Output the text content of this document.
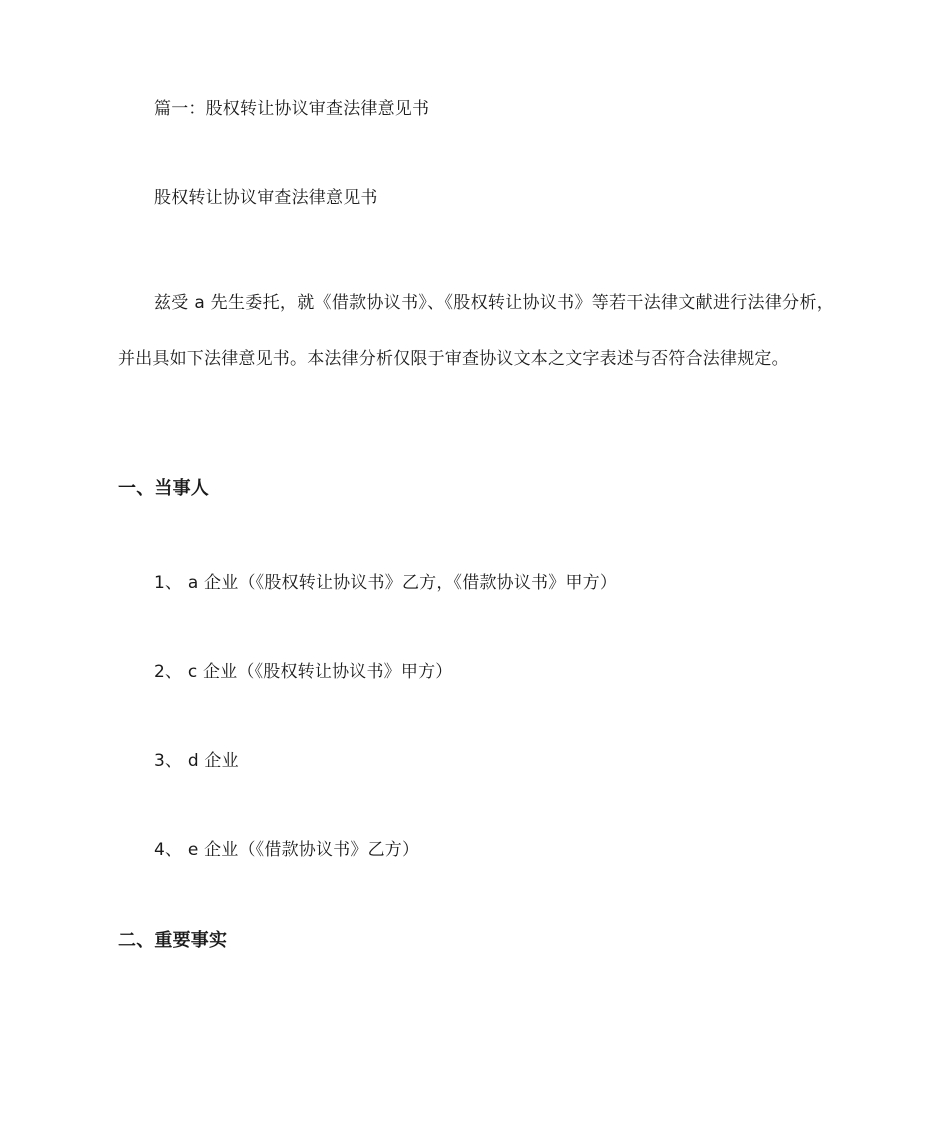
篇一：股权转让协议审查法律意见书
股权转让协议审查法律意见书
兹受 a 先生委托，就《借款协议书》、《股权转让协议书》等若干法律文献进行法律分析，并出具如下法律意见书。本法律分析仅限于审查协议文本之文字表述与否符合法律规定。
一、当事人
1、 a 企业（《股权转让协议书》乙方，《借款协议书》甲方）
2、 c 企业（《股权转让协议书》甲方）
3、 d 企业
4、 e 企业（《借款协议书》乙方）
二、重要事实
